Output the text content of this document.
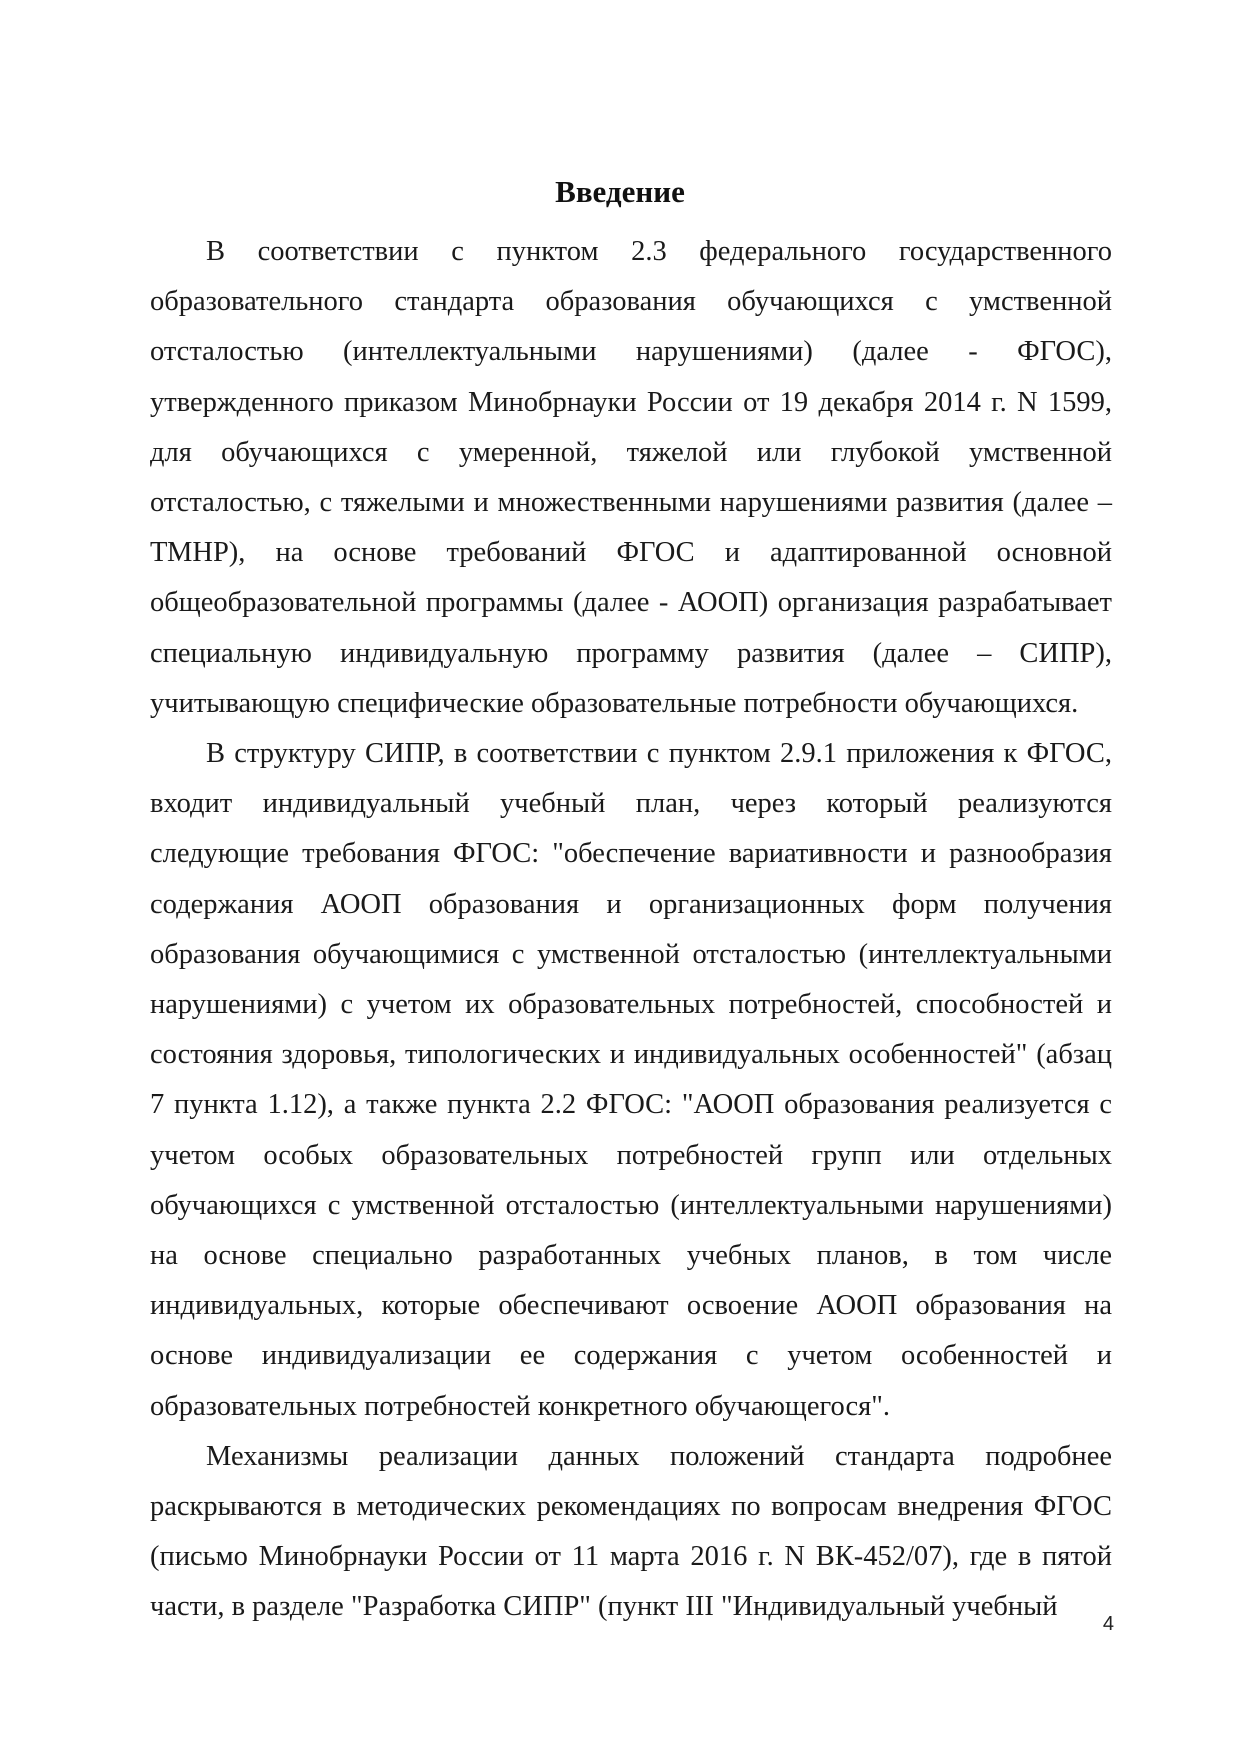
Введение

В соответствии с пунктом 2.3 федерального государственного образовательного стандарта образования обучающихся с умственной отсталостью (интеллектуальными нарушениями) (далее - ФГОС), утвержденного приказом Минобрнауки России от 19 декабря 2014 г. N 1599, для обучающихся с умеренной, тяжелой или глубокой умственной отсталостью, с тяжелыми и множественными нарушениями развития (далее – ТМНР), на основе требований ФГОС и адаптированной основной общеобразовательной программы (далее - АООП) организация разрабатывает специальную индивидуальную программу развития (далее – СИПР), учитывающую специфические образовательные потребности обучающихся.

В структуру СИПР, в соответствии с пунктом 2.9.1 приложения к ФГОС, входит индивидуальный учебный план, через который реализуются следующие требования ФГОС: "обеспечение вариативности и разнообразия содержания АООП образования и организационных форм получения образования обучающимися с умственной отсталостью (интеллектуальными нарушениями) с учетом их образовательных потребностей, способностей и состояния здоровья, типологических и индивидуальных особенностей" (абзац 7 пункта 1.12), а также пункта 2.2 ФГОС: "АООП образования реализуется с учетом особых образовательных потребностей групп или отдельных обучающихся с умственной отсталостью (интеллектуальными нарушениями) на основе специально разработанных учебных планов, в том числе индивидуальных, которые обеспечивают освоение АООП образования на основе индивидуализации ее содержания с учетом особенностей и образовательных потребностей конкретного обучающегося".

Механизмы реализации данных положений стандарта подробнее раскрываются в методических рекомендациях по вопросам внедрения ФГОС (письмо Минобрнауки России от 11 марта 2016 г. N ВК-452/07), где в пятой части, в разделе "Разработка СИПР" (пункт III "Индивидуальный учебный

4
